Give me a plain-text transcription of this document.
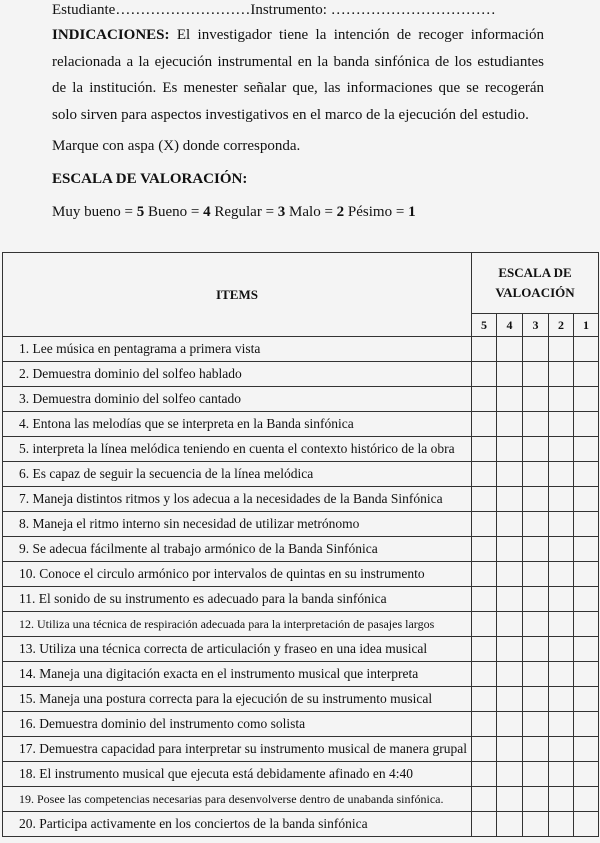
Estudiante………………………Instrumento: ……………………………
INDICACIONES: El investigador tiene la intención de recoger información relacionada a la ejecución instrumental en la banda sinfónica de los estudiantes de la institución. Es menester señalar que, las informaciones que se recogerán solo sirven para aspectos investigativos en el marco de la ejecución del estudio.
Marque con aspa (X) donde corresponda.
ESCALA DE VALORACIÓN:
Muy bueno = 5 Bueno = 4 Regular = 3 Malo = 2 Pésimo = 1
ITEMS	ESCALA DE
VALOACIÓN				
	5	4	3	2	1
1. Lee música en pentagrama a primera vista					
2. Demuestra dominio del solfeo hablado					
3. Demuestra dominio del solfeo cantado					
4. Entona las melodías que se interpreta en la Banda sinfónica					
5. interpreta la línea melódica teniendo en cuenta el contexto histórico de la obra					
6. Es capaz de seguir la secuencia de la línea melódica					
7. Maneja distintos ritmos y los adecua a la necesidades de la Banda Sinfónica					
8. Maneja el ritmo interno sin necesidad de utilizar metrónomo					
9. Se adecua fácilmente al trabajo armónico de la Banda Sinfónica					
10. Conoce el circulo armónico por intervalos de quintas en su instrumento					
11. El sonido de su instrumento es adecuado para la banda sinfónica					
12. Utiliza una técnica de respiración adecuada para la interpretación de pasajes largos					
13. Utiliza una técnica correcta de articulación y fraseo en una idea musical					
14. Maneja una digitación exacta en el instrumento musical que interpreta					
15. Maneja una postura correcta para la ejecución de su instrumento musical					
16. Demuestra dominio del instrumento como solista					
17. Demuestra capacidad para interpretar su instrumento musical de manera grupal					
18. El instrumento musical que ejecuta está debidamente afinado en 4:40					
19. Posee las competencias necesarias para desenvolverse dentro de unabanda sinfónica.					
20. Participa activamente en los conciertos de la banda sinfónica					
